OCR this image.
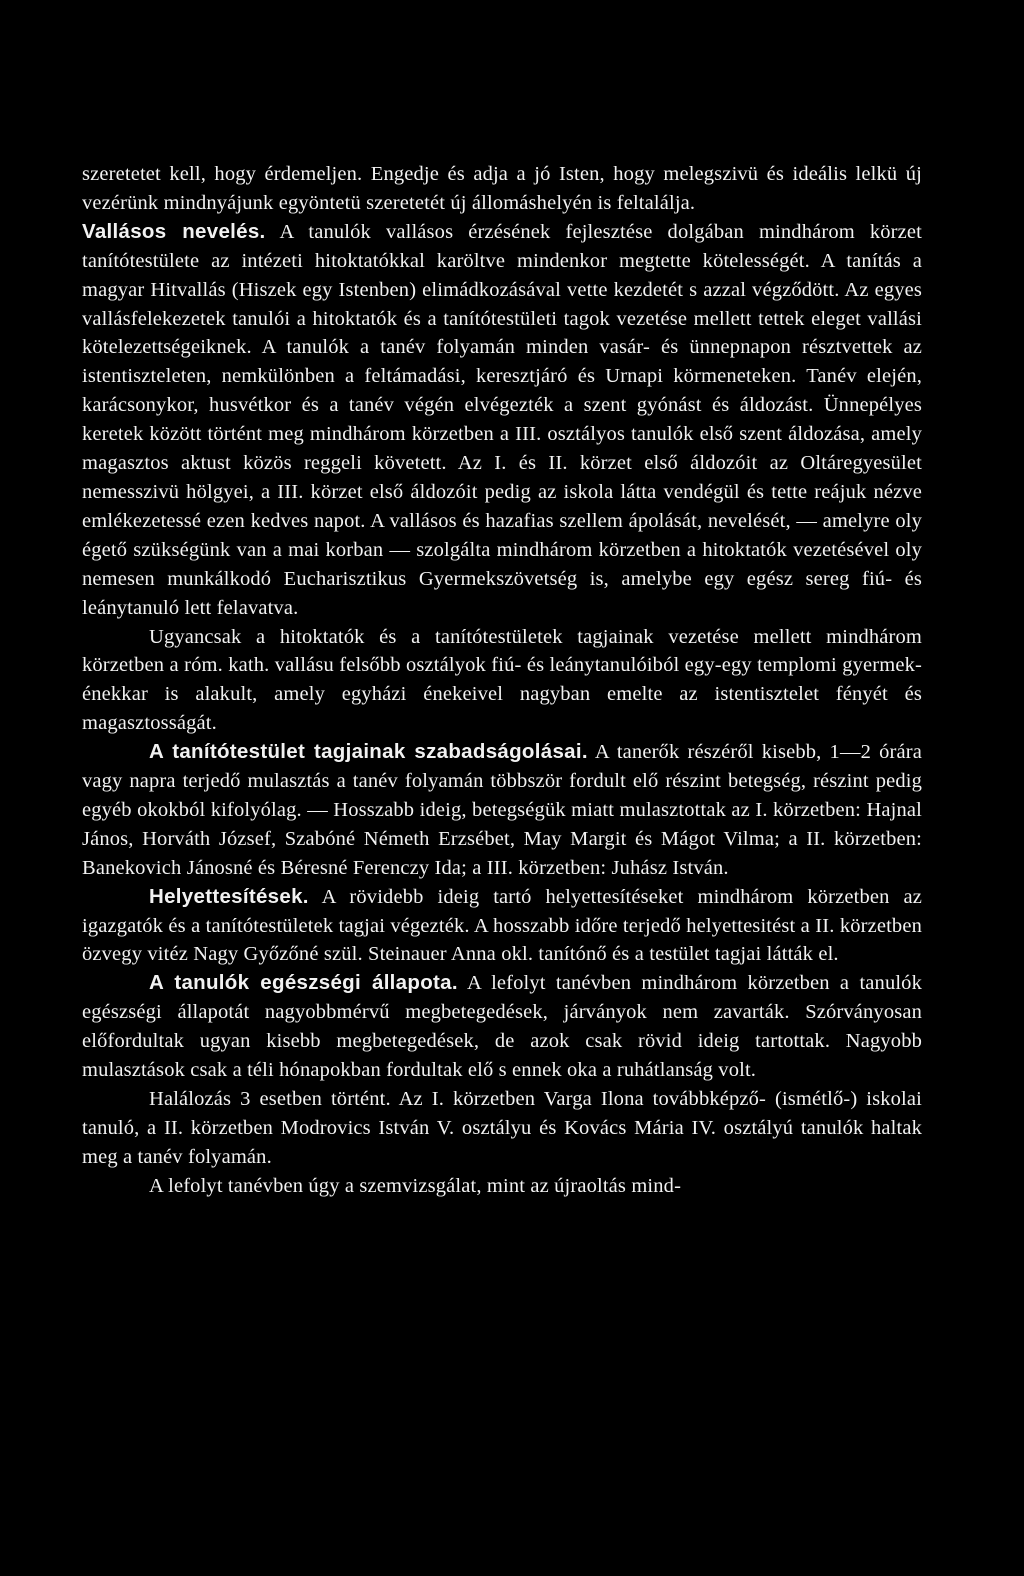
szeretetet kell, hogy érdemeljen. Engedje és adja a jó Isten, hogy melegszivü és ideális lelkü új vezérünk mindnyájunk egyöntetü szeretetét új állomáshelyén is feltalálja.

Vallásos nevelés. A tanulók vallásos érzésének fejlesztése dolgában mindhárom körzet tanítótestülete az intézeti hitoktatókkal karöltve mindenkor megtette kötelességét. A tanítás a magyar Hitvallás (Hiszek egy Istenben) elimádkozásával vette kezdetét s azzal végződött. Az egyes vallásfelekezetek tanulói a hitoktatók és a tanítótestületi tagok vezetése mellett tettek eleget vallási kötelezettségeiknek. A tanulók a tanév folyamán minden vasár- és ünnepnapon résztvettek az istentiszteleten, nemkülönben a feltámadási, keresztjáró és Urnapi körmeneteken. Tanév elején, karácsonykor, husvétkor és a tanév végén elvégezték a szent gyónást és áldozást. Ünnepélyes keretek között történt meg mindhárom körzetben a III. osztályos tanulók első szent áldozása, amely magasztos aktust közös reggeli követett. Az I. és II. körzet első áldozóit az Oltáregyesület nemesszivü hölgyei, a III. körzet első áldozóit pedig az iskola látta vendégül és tette reájuk nézve emlékezetessé ezen kedves napot. A vallásos és hazafias szellem ápolását, nevelését, — amelyre oly égető szükségünk van a mai korban — szolgálta mindhárom körzetben a hitoktatók vezetésével oly nemesen munkálkodó Eucharisztikus Gyermekszövetség is, amelybe egy egész sereg fiú- és leánytanuló lett felavatva.

Ugyancsak a hitoktatók és a tanítótestületek tagjainak vezetése mellett mindhárom körzetben a róm. kath. vallásu felsőbb osztályok fiú- és leánytanulóiból egy-egy templomi gyermek-énekkar is alakult, amely egyházi énekeivel nagyban emelte az istentisztelet fényét és magasztosságát.

A tanítótestület tagjainak szabadságolásai. A tanerők részéről kisebb, 1—2 órára vagy napra terjedő mulasztás a tanév folyamán többször fordult elő részint betegség, részint pedig egyéb okokból kifolyólag. — Hosszabb ideig, betegségük miatt mulasztottak az I. körzetben: Hajnal János, Horváth József, Szabóné Németh Erzsébet, May Margit és Mágot Vilma; a II. körzetben: Banekovich Jánosné és Béresné Ferenczy Ida; a III. körzetben: Juhász István.

Helyettesítések. A rövidebb ideig tartó helyettesítéseket mindhárom körzetben az igazgatók és a tanítótestületek tagjai végezték. A hosszabb időre terjedő helyettesitést a II. körzetben özvegy vitéz Nagy Győzőné szül. Steinauer Anna okl. tanítónő és a testület tagjai látták el.

A tanulók egészségi állapota. A lefolyt tanévben mindhárom körzetben a tanulók egészségi állapotát nagyobbmérvű megbetegedések, járványok nem zavarták. Szórványosan előfordultak ugyan kisebb megbetegedések, de azok csak rövid ideig tartottak. Nagyobb mulasztások csak a téli hónapokban fordultak elő s ennek oka a ruhátlanság volt.

Halálozás 3 esetben történt. Az I. körzetben Varga Ilona továbbképző- (ismétlő-) iskolai tanuló, a II. körzetben Modrovics István V. osztályu és Kovács Mária IV. osztályú tanulók haltak meg a tanév folyamán.

A lefolyt tanévben úgy a szemvizsgálat, mint az újraoltás mind-
